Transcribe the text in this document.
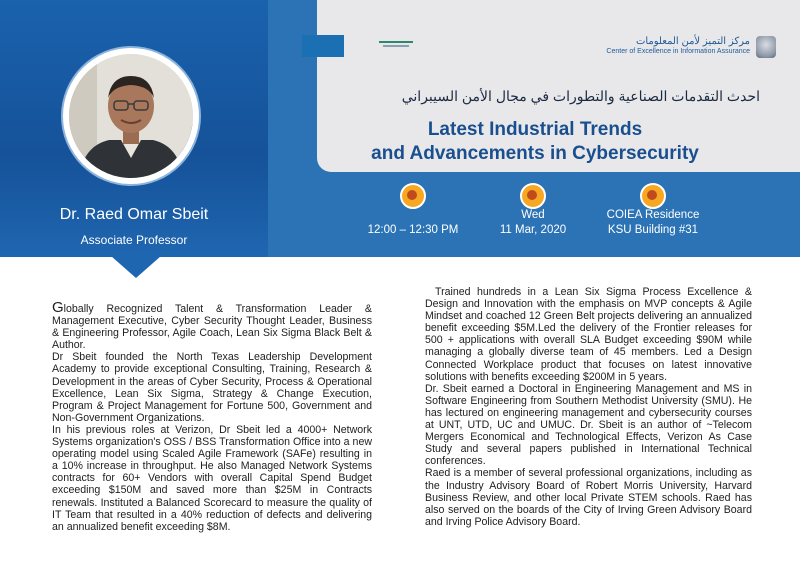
Dr. Raed Omar Sbeit
Associate Professor
مركز التميز لأمن المعلومات
Center of Excellence in Information Assurance
احدث التقدمات الصناعية والتطورات في مجال الأمن السيبراني
Latest Industrial Trends
and Advancements in Cybersecurity
12:00 – 12:30 PM
Wed
11 Mar, 2020
COIEA Residence
KSU Building #31

Globally Recognized Talent & Transformation Leader & Management Executive, Cyber Security Thought Leader, Business & Engineering Professor, Agile Coach, Lean Six Sigma Black Belt & Author.

Dr Sbeit founded the North Texas Leadership Development Academy to provide exceptional Consulting, Training, Research & Development in the areas of Cyber Security, Process & Operational Excellence, Lean Six Sigma, Strategy & Change Execution, Program & Project Management for Fortune 500, Government and Non-Government Organizations.

In his previous roles at Verizon, Dr Sbeit led a 4000+ Network Systems organization's OSS / BSS Transformation Office into a new operating model using Scaled Agile Framework (SAFe) resulting in a 10% increase in throughput. He also Managed Network Systems contracts for 60+ Vendors with overall Capital Spend Budget exceeding $150M and saved more than $25M in Contracts renewals. Instituted a Balanced Scorecard to measure the quality of IT Team that resulted in a 40% reduction of defects and delivering an annualized benefit exceeding $8M.

Trained hundreds in a Lean Six Sigma Process Excellence & Design and Innovation with the emphasis on MVP concepts & Agile Mindset and coached 12 Green Belt projects delivering an annualized benefit exceeding $5M.Led the delivery of the Frontier releases for 500 + applications with overall SLA Budget exceeding $90M while managing a globally diverse team of 45 members. Led a Design Connected Workplace product that focuses on latest innovative solutions with benefits exceeding $200M in 5 years.

Dr. Sbeit earned a Doctoral in Engineering Management and MS in Software Engineering from Southern Methodist University (SMU). He has lectured on engineering management and cybersecurity courses at UNT, UTD, UC and UMUC. Dr. Sbeit is an author of ~Telecom Mergers Economical and Technological Effects, Verizon As Case Study and several papers published in International Technical conferences.

Raed is a member of several professional organizations, including as the Industry Advisory Board of Robert Morris University, Harvard Business Review, and other local Private STEM schools. Raed has also served on the boards of the City of Irving Green Advisory Board and Irving Police Advisory Board.
